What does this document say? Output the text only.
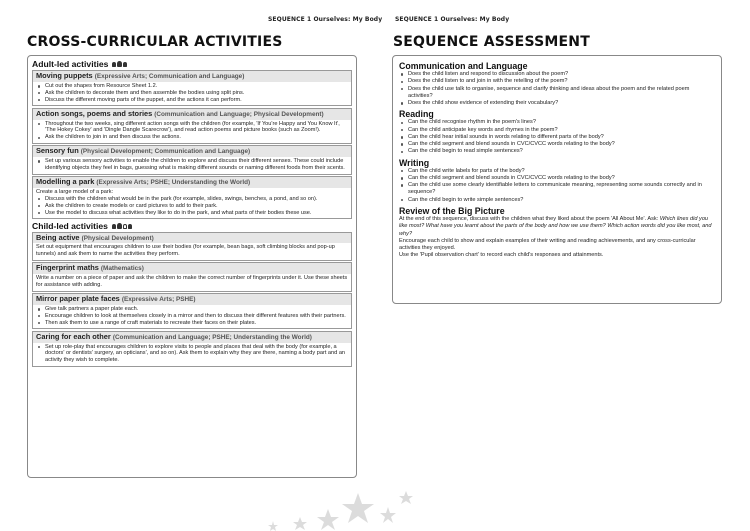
SEQUENCE 1 Ourselves: My Body SEQUENCE 1 Ourselves: My Body
CROSS-CURRICULAR ACTIVITIES	SEQUENCE ASSESSMENT
Adult-led activities
Moving puppets (Expressive Arts; Communication and Language)
Cut out the shapes from Resource Sheet 1.2.
Ask the children to decorate them and then assemble the bodies using split pins.
Discuss the different moving parts of the puppet, and the actions it can perform.
Action songs, poems and stories (Communication and Language; Physical Development)
Throughout the two weeks, sing different action songs with the children (for example, 'If You're Happy and You Know It', 'The Hokey Cokey' and 'Dingle Dangle Scarecrow'), and read action poems and picture books (such as Zoom!).
Ask the children to join in and then discuss the actions.
Sensory fun (Physical Development; Communication and Language)
Set up various sensory activities to enable the children to explore and discuss their different senses. These could include identifying objects they feel in bags, guessing what is making different sounds or naming different foods from their scents.
Modelling a park (Expressive Arts; PSHE; Understanding the World)
Create a large model of a park:
Discuss with the children what would be in the park (for example, slides, swings, benches, a pond, and so on).
Ask the children to create models or card pictures to add to their park.
Use the model to discuss what activities they like to do in the park, and what parts of their bodies these use.
Child-led activities
Being active (Physical Development)
Set out equipment that encourages children to use their bodies (for example, bean bags, soft climbing blocks and pop-up tunnels) and ask them to name the activities they perform.
Fingerprint maths (Mathematics)
Write a number on a piece of paper and ask the children to make the correct number of fingerprints under it. Use these sheets for assistance with adding.
Mirror paper plate faces (Expressive Arts; PSHE)
Give talk partners a paper plate each.
Encourage children to look at themselves closely in a mirror and then to discuss their different features with their partners.
Then ask them to use a range of craft materials to recreate their faces on their plates.
Caring for each other (Communication and Language; PSHE; Understanding the World)
Set up role-play that encourages children to explore visits to people and places that deal with the body (for example, a doctors' or dentists' surgery, an opticians', and so on). Ask them to explain why they are there, naming a body part and an activity they wish to complete.
Communication and Language
Does the child listen and respond to discussion about the poem?
Does the child listen to and join in with the retelling of the poem?
Does the child use talk to organise, sequence and clarify thinking and ideas about the poem and the related poem activities?
Does the child show evidence of extending their vocabulary?
Reading
Can the child recognise rhythm in the poem's lines?
Can the child anticipate key words and rhymes in the poem?
Can the child hear initial sounds in words relating to different parts of the body?
Can the child segment and blend sounds in CVC/CVCC words relating to the body?
Can the child begin to read simple sentences?
Writing
Can the child write labels for parts of the body?
Can the child segment and blend sounds in CVC/CVCC words relating to the body?
Can the child use some clearly identifiable letters to communicate meaning, representing some sounds correctly and in sequence?
Can the child begin to write simple sentences?
Review of the Big Picture

At the end of this sequence, discuss with the children what they liked about the poem 'All About Me'. Ask: Which lines did you like most? What have you learnt about the parts of the body and how we use them? Which action words did you like most, and why?

Encourage each child to show and explain examples of their writing and reading achievements, and any cross-curricular activities they enjoyed.

Use the 'Pupil observation chart' to record each child's responses and attainments.
